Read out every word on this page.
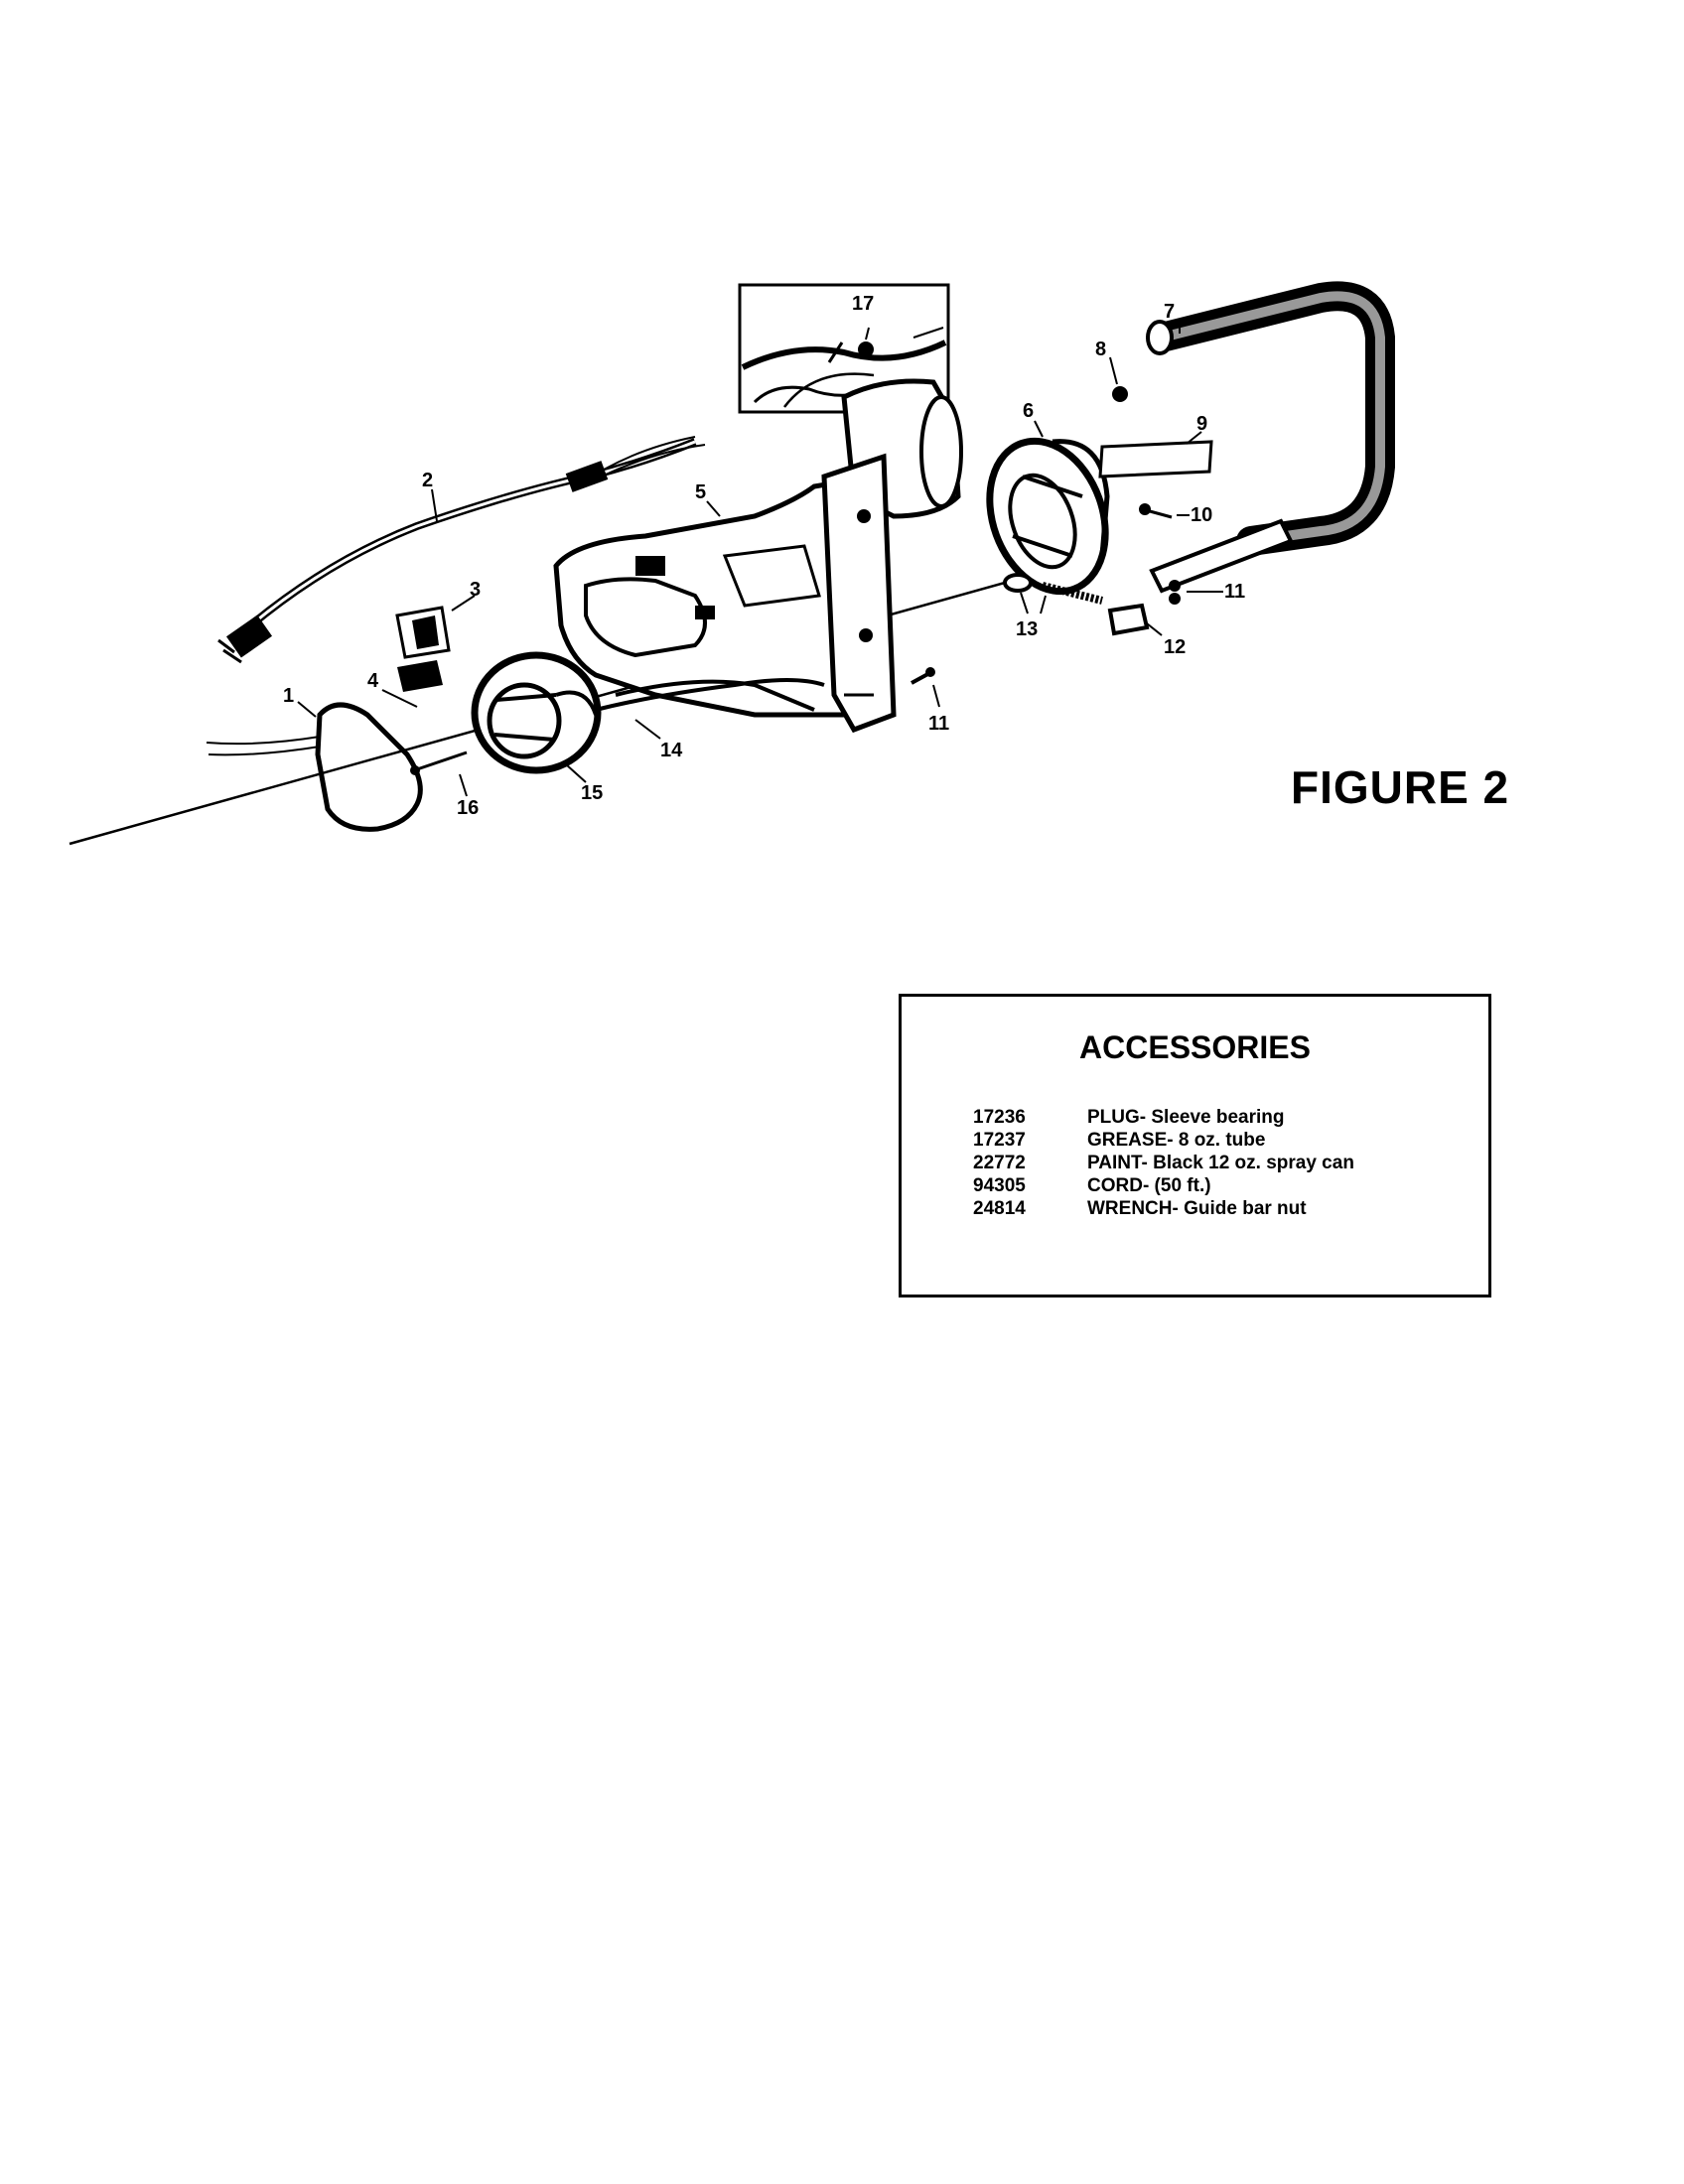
1
2
3
4
5
6
7
8
9
10
11
11
12
13
14
15
16
17
FIGURE 2
ACCESSORIES
17236	PLUG- Sleeve bearing
17237	GREASE- 8 oz. tube
22772	PAINT- Black 12 oz. spray can
94305	CORD- (50 ft.)
24814	WRENCH- Guide bar nut
